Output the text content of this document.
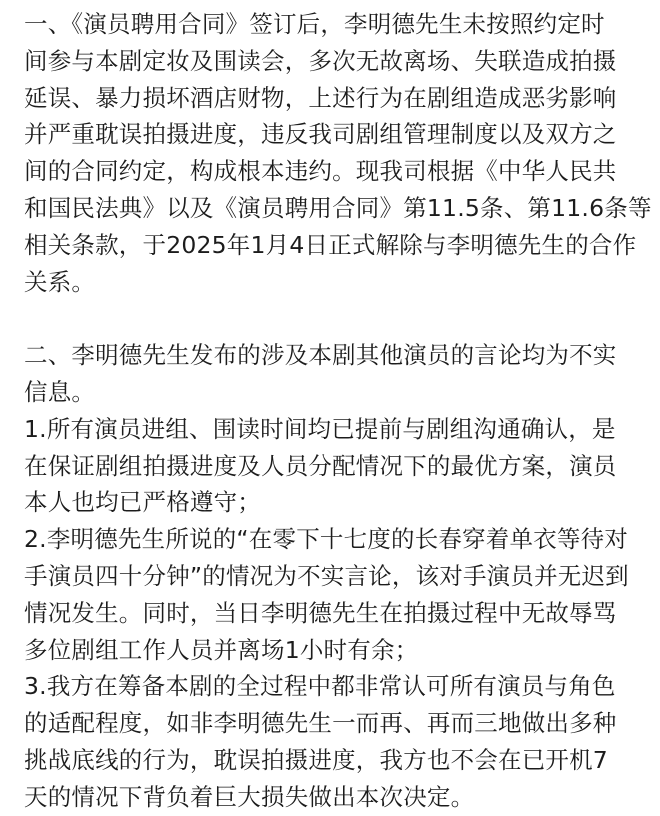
一、《演员聘用合同》签订后，李明德先生未按照约定时
间参与本剧定妆及围读会，多次无故离场、失联造成拍摄
延误、暴力损坏酒店财物，上述行为在剧组造成恶劣影响
并严重耽误拍摄进度，违反我司剧组管理制度以及双方之
间的合同约定，构成根本违约。现我司根据《中华人民共
和国民法典》以及《演员聘用合同》第11.5条、第11.6条等
相关条款，于2025年1月4日正式解除与李明德先生的合作
关系。

二、李明德先生发布的涉及本剧其他演员的言论均为不实
信息。

1.所有演员进组、围读时间均已提前与剧组沟通确认，是
在保证剧组拍摄进度及人员分配情况下的最优方案，演员
本人也均已严格遵守；

2.李明德先生所说的“在零下十七度的长春穿着单衣等待对
手演员四十分钟”的情况为不实言论，该对手演员并无迟到
情况发生。同时，当日李明德先生在拍摄过程中无故辱骂
多位剧组工作人员并离场1小时有余；

3.我方在筹备本剧的全过程中都非常认可所有演员与角色
的适配程度，如非李明德先生一而再、再而三地做出多种
挑战底线的行为，耽误拍摄进度，我方也不会在已开机7
天的情况下背负着巨大损失做出本次决定。
